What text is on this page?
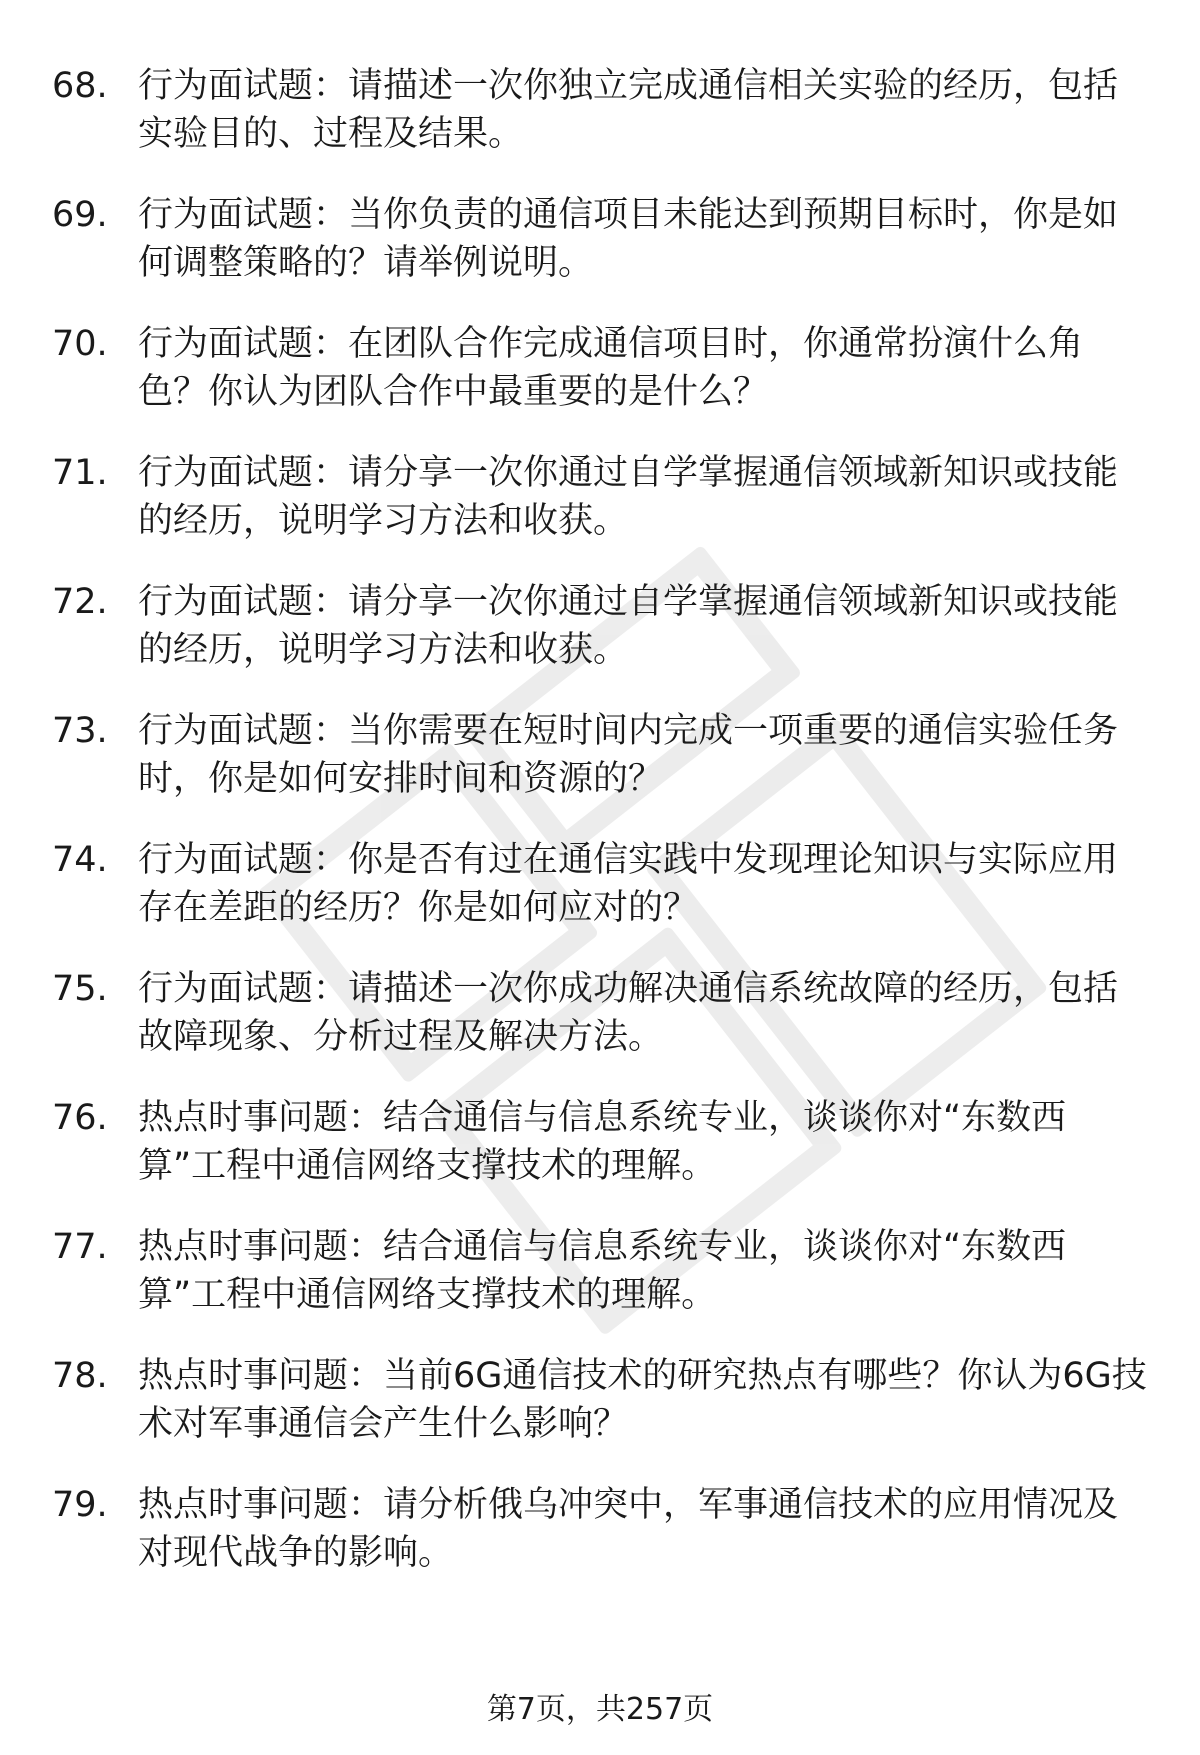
68. 行为面试题：请描述一次你独立完成通信相关实验的经历，包括实验目的、过程及结果。
69. 行为面试题：当你负责的通信项目未能达到预期目标时，你是如何调整策略的？请举例说明。
70. 行为面试题：在团队合作完成通信项目时，你通常扮演什么角色？你认为团队合作中最重要的是什么？
71. 行为面试题：请分享一次你通过自学掌握通信领域新知识或技能的经历，说明学习方法和收获。
72. 行为面试题：请分享一次你通过自学掌握通信领域新知识或技能的经历，说明学习方法和收获。
73. 行为面试题：当你需要在短时间内完成一项重要的通信实验任务时，你是如何安排时间和资源的？
74. 行为面试题：你是否有过在通信实践中发现理论知识与实际应用存在差距的经历？你是如何应对的？
75. 行为面试题：请描述一次你成功解决通信系统故障的经历，包括故障现象、分析过程及解决方法。
76. 热点时事问题：结合通信与信息系统专业，谈谈你对“东数西算”工程中通信网络支撑技术的理解。
77. 热点时事问题：结合通信与信息系统专业，谈谈你对“东数西算”工程中通信网络支撑技术的理解。
78. 热点时事问题：当前6G通信技术的研究热点有哪些？你认为6G技术对军事通信会产生什么影响？
79. 热点时事问题：请分析俄乌冲突中，军事通信技术的应用情况及对现代战争的影响。
第7页，共257页
